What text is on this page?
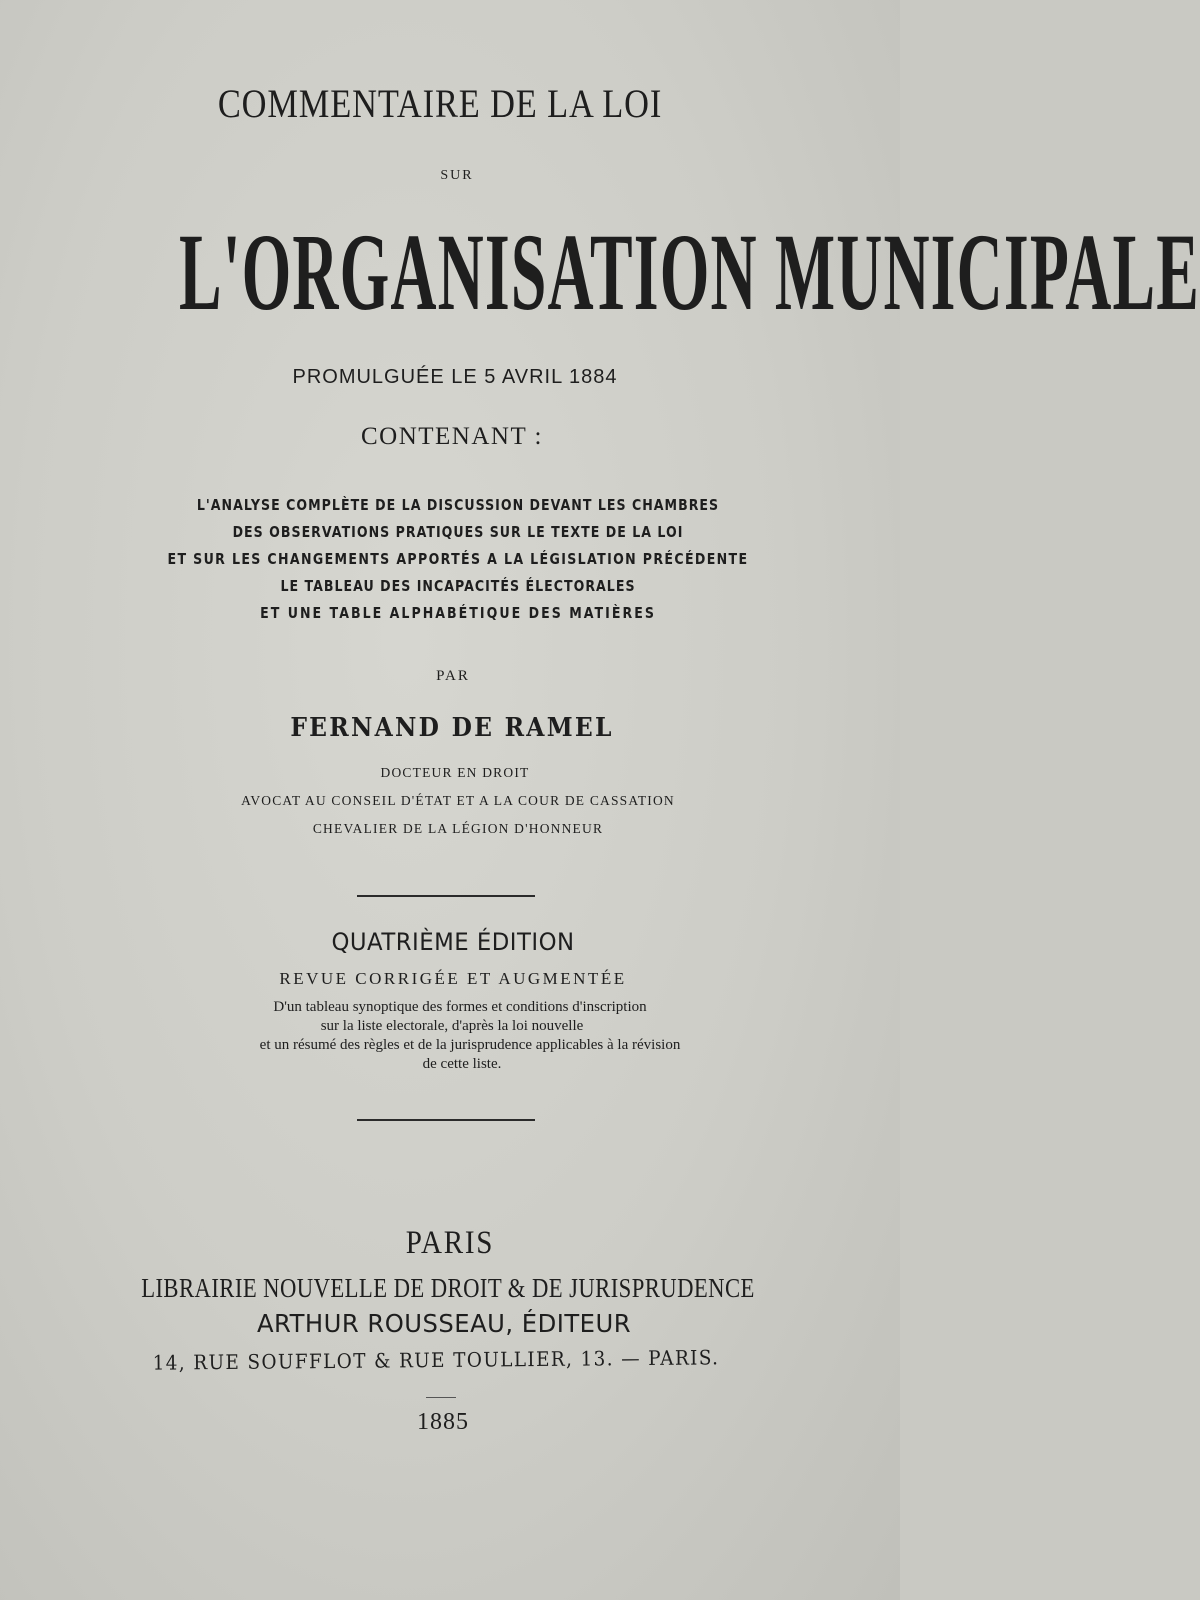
COMMENTAIRE DE LA LOI
SUR
L'ORGANISATION MUNICIPALE
PROMULGUÉE LE 5 AVRIL 1884
CONTENANT :
L'ANALYSE COMPLÈTE DE LA DISCUSSION DEVANT LES CHAMBRES
DES OBSERVATIONS PRATIQUES SUR LE TEXTE DE LA LOI
ET SUR LES CHANGEMENTS APPORTÉS A LA LÉGISLATION PRÉCÉDENTE
LE TABLEAU DES INCAPACITÉS ÉLECTORALES
ET UNE TABLE ALPHABÉTIQUE DES MATIÈRES
PAR
FERNAND DE RAMEL
DOCTEUR EN DROIT
AVOCAT AU CONSEIL D'ÉTAT ET A LA COUR DE CASSATION
CHEVALIER DE LA LÉGION D'HONNEUR
QUATRIÈME ÉDITION
REVUE CORRIGÉE ET AUGMENTÉE
D'un tableau synoptique des formes et conditions d'inscription
sur la liste electorale, d'après la loi nouvelle
et un résumé des règles et de la jurisprudence applicables à la révision
de cette liste.
PARIS
LIBRAIRIE NOUVELLE DE DROIT & DE JURISPRUDENCE
ARTHUR ROUSSEAU, ÉDITEUR
14, RUE SOUFFLOT & RUE TOULLIER, 13. — PARIS.
1885
